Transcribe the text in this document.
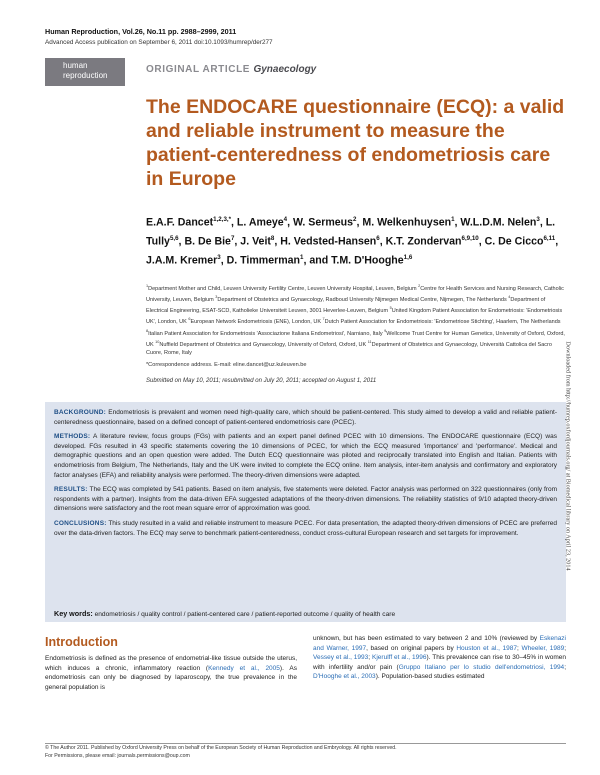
Human Reproduction, Vol.26, No.11 pp. 2988–2999, 2011
Advanced Access publication on September 6, 2011 doi:10.1093/humrep/der277
human
reproduction
ORIGINAL ARTICLE Gynaecology
The ENDOCARE questionnaire (ECQ): a valid and reliable instrument to measure the patient-centeredness of endometriosis care in Europe

E.A.F. Dancet$^{1,2,3,*}$, L. Ameye$^4$, W. Sermeus$^2$, M. Welkenhuysen$^1$, W.L.D.M. Nelen$^3$, L. Tully$^{5,6}$, B. De Bie$^7$, J. Veit$^8$, H. Vedsted-Hansen$^6$, K.T. Zondervan$^{6,9,10}$, C. De Cicco$^{6,11}$, J.A.M. Kremer$^3$, D. Timmerman$^1$, and T.M. D'Hooghe$^{1,6}$

$^1$Department Mother and Child, Leuven University Fertility Centre, Leuven University Hospital, Leuven, Belgium $^2$Centre for Health Services and Nursing Research, Catholic University, Leuven, Belgium $^3$Department of Obstetrics and Gynaecology, Radboud University Nijmegen Medical Centre, Nijmegen, The Netherlands $^4$Department of Electrical Engineering, ESAT-SCD, Katholieke Universiteit Leuven, 3001 Heverlee-Leuven, Belgium $^5$United Kingdom Patient Association for Endometriosis: 'Endometriosis UK', London, UK $^6$European Network Endometriosis (ENE), London, UK $^7$Dutch Patient Association for Endometriosis: 'Endometriose Stichting', Haarlem, The Netherlands $^8$Italian Patient Association for Endometriosis 'Associazione Italiana Endometriosi', Narniano, Italy $^9$Wellcome Trust Centre for Human Genetics, University of Oxford, Oxford, UK $^{10}$Nuffield Department of Obstetrics and Gynaecology, University of Oxford, Oxford, UK $^{11}$Department of Obstetrics and Gynaecology, Università Cattolica del Sacro Cuore, Rome, Italy

*Correspondence address. E-mail: eline.dancet@uz.kuleuven.be
Submitted on May 10, 2011; resubmitted on July 20, 2011; accepted on August 1, 2011

BACKGROUND: Endometriosis is prevalent and women need high-quality care, which should be patient-centered. This study aimed to develop a valid and reliable patient-centeredness questionnaire, based on a defined concept of patient-centered endometriosis care (PCEC).

METHODS: A literature review, focus groups (FGs) with patients and an expert panel defined PCEC with 10 dimensions. The ENDOCARE questionnaire (ECQ) was developed. FGs resulted in 43 specific statements covering the 10 dimensions of PCEC, for which the ECQ measured 'importance' and 'performance'. Medical and demographic questions and an open question were added. The Dutch ECQ questionnaire was piloted and reciprocally translated into English and Italian. Patients with endometriosis from Belgium, The Netherlands, Italy and the UK were invited to complete the ECQ online. Item analysis, inter-item analysis and confirmatory and exploratory factor analyses (EFA) and reliability analysis were performed. The theory-driven dimensions were adapted.

RESULTS: The ECQ was completed by 541 patients. Based on item analysis, five statements were deleted. Factor analysis was performed on 322 questionnaires (only from respondents with a partner). Insights from the data-driven EFA suggested adaptations of the theory-driven dimensions. The reliability statistics of 9/10 adapted theory-driven dimensions were satisfactory and the root mean square error of approximation was good.

CONCLUSIONS: This study resulted in a valid and reliable instrument to measure PCEC. For data presentation, the adapted theory-driven dimensions of PCEC are preferred over the data-driven factors. The ECQ may serve to benchmark patient-centeredness, conduct cross-cultural European research and set targets for improvement.

Key words: endometriosis / quality control / patient-centered care / patient-reported outcome / quality of health care
Introduction

Endometriosis is defined as the presence of endometrial-like tissue outside the uterus, which induces a chronic, inflammatory reaction (Kennedy et al., 2005). As endometriosis can only be diagnosed by laparoscopy, the true prevalence in the general population is

unknown, but has been estimated to vary between 2 and 10% (reviewed by Eskenazi and Warner, 1997, based on original papers by Houston et al., 1987; Wheeler, 1989; Vessey et al., 1993; Kjerulff et al., 1996). This prevalence can rise to 30–45% in women with infertility and/or pain (Gruppo Italiano per lo studio dell'endometriosi, 1994; D'Hooghe et al., 2003). Population-based studies estimated

© The Author 2011. Published by Oxford University Press on behalf of the European Society of Human Reproduction and Embryology. All rights reserved.
For Permissions, please email: journals.permissions@oup.com
Downloaded from http://humrep.oxfordjournals.org/ at Biomedical library on April 23, 2014
